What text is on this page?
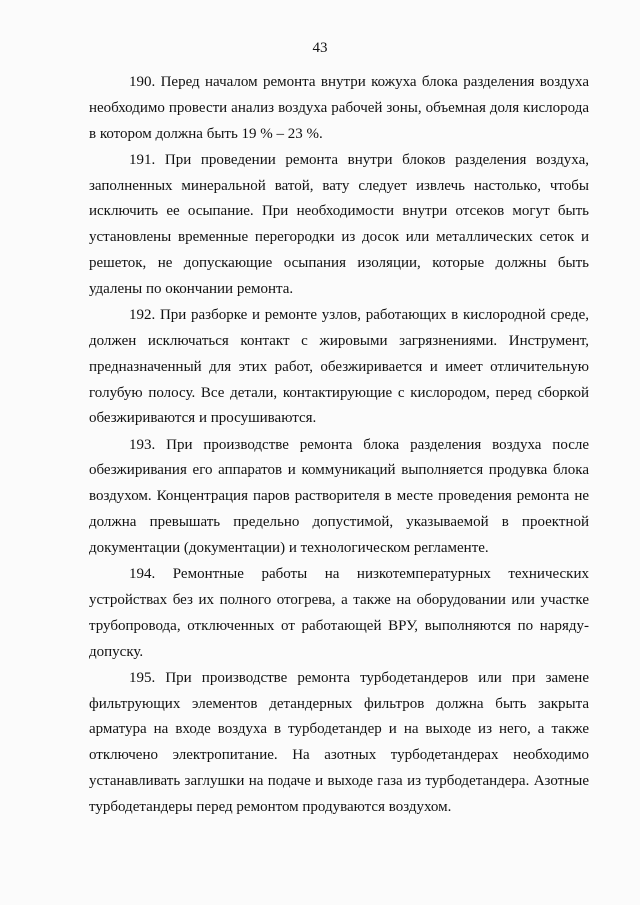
43

190. Перед началом ремонта внутри кожуха блока разделения воздуха необходимо провести анализ воздуха рабочей зоны, объемная доля кислорода в котором должна быть 19 % – 23 %.

191. При проведении ремонта внутри блоков разделения воздуха, заполненных минеральной ватой, вату следует извлечь настолько, чтобы исключить ее осыпание. При необходимости внутри отсеков могут быть установлены временные перегородки из досок или металлических сеток и решеток, не допускающие осыпания изоляции, которые должны быть удалены по окончании ремонта.

192. При разборке и ремонте узлов, работающих в кислородной среде, должен исключаться контакт с жировыми загрязнениями. Инструмент, предназначенный для этих работ, обезжиривается и имеет отличительную голубую полосу. Все детали, контактирующие с кислородом, перед сборкой обезжириваются и просушиваются.

193. При производстве ремонта блока разделения воздуха после обезжиривания его аппаратов и коммуникаций выполняется продувка блока воздухом. Концентрация паров растворителя в месте проведения ремонта не должна превышать предельно допустимой, указываемой в проектной документации (документации) и технологическом регламенте.

194. Ремонтные работы на низкотемпературных технических устройствах без их полного отогрева, а также на оборудовании или участке трубопровода, отключенных от работающей ВРУ, выполняются по наряду-допуску.

195. При производстве ремонта турбодетандеров или при замене фильтрующих элементов детандерных фильтров должна быть закрыта арматура на входе воздуха в турбодетандер и на выходе из него, а также отключено электропитание. На азотных турбодетандерах необходимо устанавливать заглушки на подаче и выходе газа из турбодетандера. Азотные турбодетандеры перед ремонтом продуваются воздухом.
